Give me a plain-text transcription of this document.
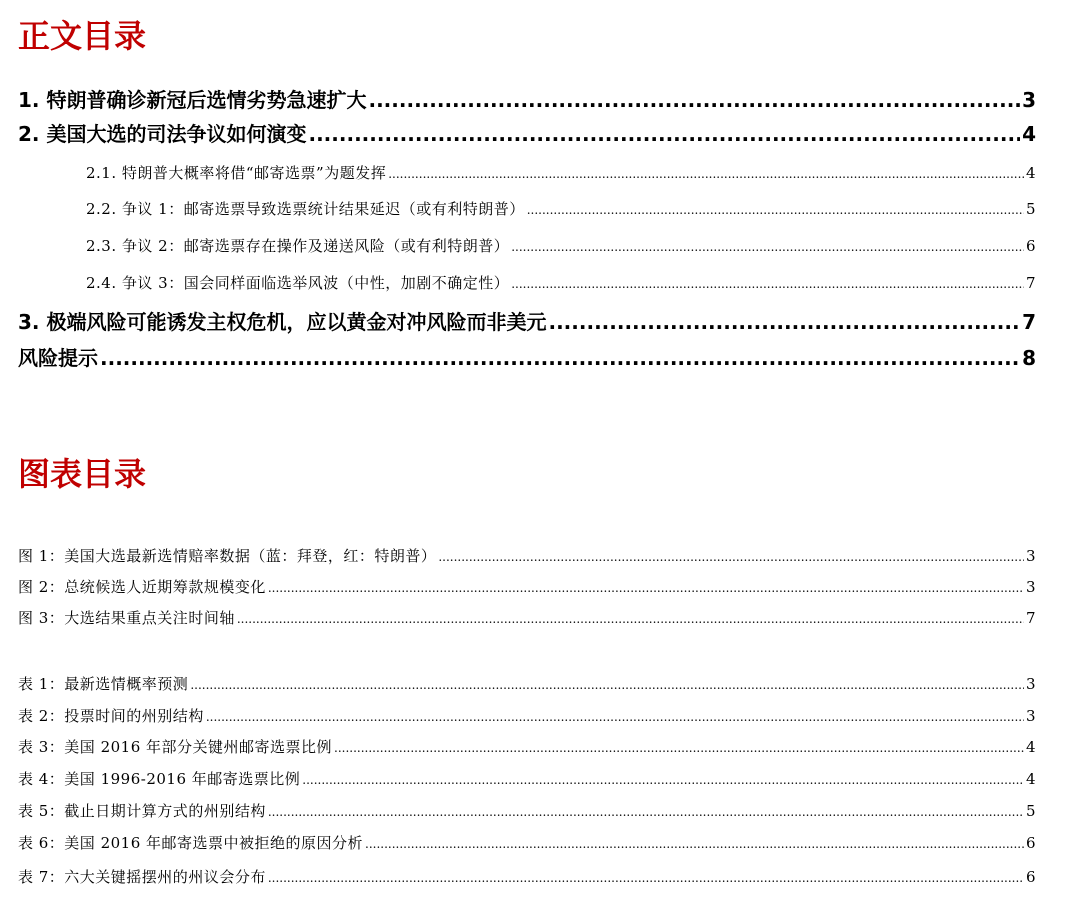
正文目录
1. 特朗普确诊新冠后选情劣势急速扩大 .....	3
2. 美国大选的司法争议如何演变 .....	4
2.1. 特朗普大概率将借“邮寄选票”为题发挥 .....	4
2.2. 争议 1：邮寄选票导致选票统计结果延迟（或有利特朗普） .....	5
2.3. 争议 2：邮寄选票存在操作及递送风险（或有利特朗普） .....	6
2.4. 争议 3：国会同样面临选举风波（中性，加剧不确定性） .....	7
3. 极端风险可能诱发主权危机，应以黄金对冲风险而非美元 .....	7
风险提示 .....	8
图表目录
图 1：美国大选最新选情赔率数据（蓝：拜登，红：特朗普） .....	3
图 2：总统候选人近期筹款规模变化 .....	3
图 3：大选结果重点关注时间轴 .....	7
表 1：最新选情概率预测 .....	3
表 2：投票时间的州别结构 .....	3
表 3：美国 2016 年部分关键州邮寄选票比例 .....	4
表 4：美国 1996-2016 年邮寄选票比例 .....	4
表 5：截止日期计算方式的州别结构 .....	5
表 6：美国 2016 年邮寄选票中被拒绝的原因分析 .....	6
表 7：六大关键摇摆州的州议会分布 .....	6
